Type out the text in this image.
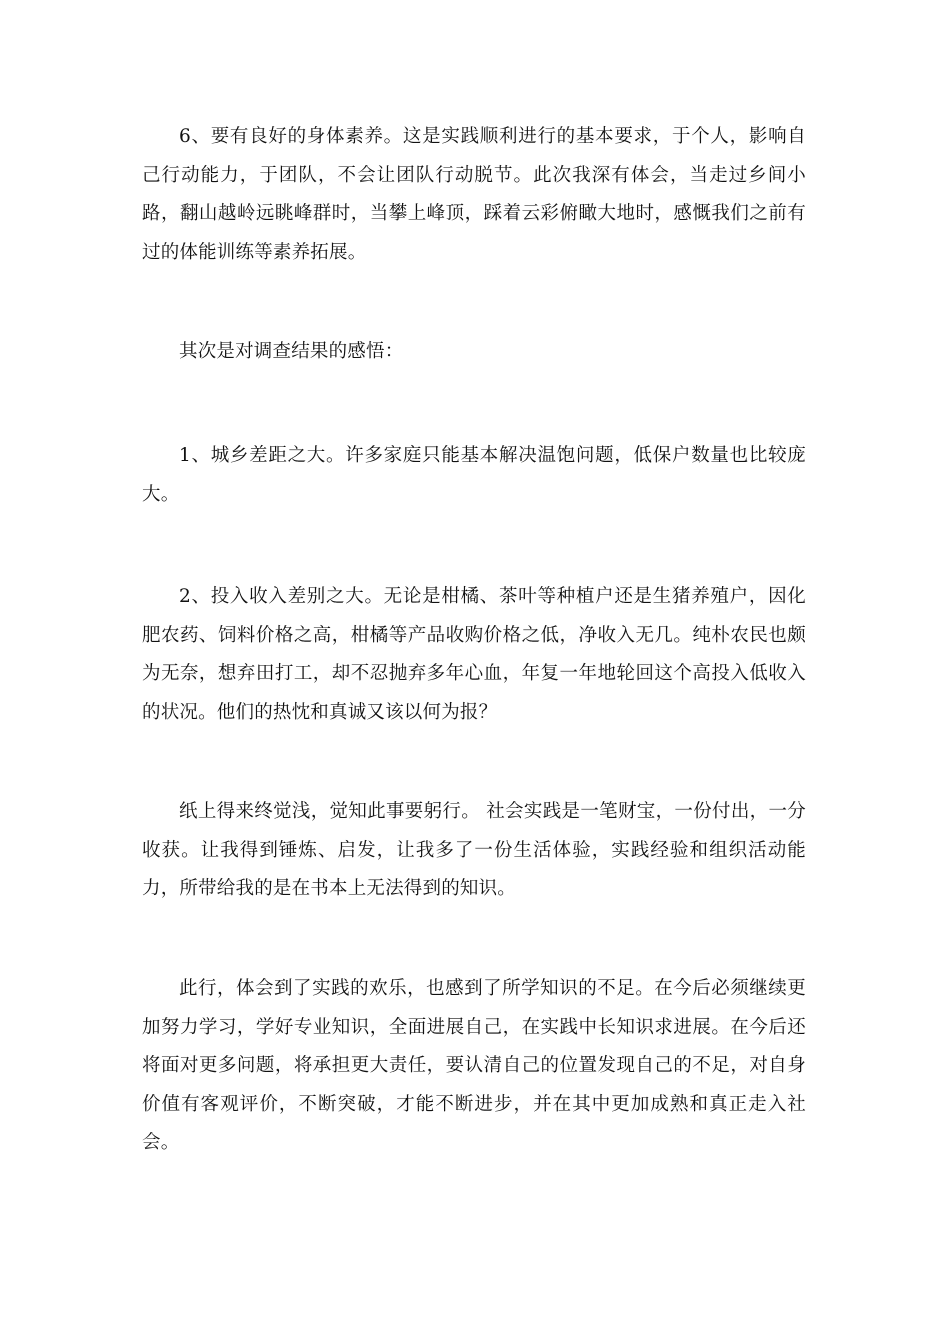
6、要有良好的身体素养。这是实践顺利进行的基本要求，于个人，影响自己行动能力，于团队，不会让团队行动脱节。此次我深有体会，当走过乡间小路，翻山越岭远眺峰群时，当攀上峰顶，踩着云彩俯瞰大地时，感慨我们之前有过的体能训练等素养拓展。

其次是对调查结果的感悟：

1、城乡差距之大。许多家庭只能基本解决温饱问题，低保户数量也比较庞大。

2、投入收入差别之大。无论是柑橘、茶叶等种植户还是生猪养殖户，因化肥农药、饲料价格之高，柑橘等产品收购价格之低，净收入无几。纯朴农民也颇为无奈，想弃田打工，却不忍抛弃多年心血，年复一年地轮回这个高投入低收入的状况。他们的热忱和真诚又该以何为报？

纸上得来终觉浅，觉知此事要躬行。 社会实践是一笔财宝，一份付出，一分收获。让我得到锤炼、启发，让我多了一份生活体验，实践经验和组织活动能力，所带给我的是在书本上无法得到的知识。

此行，体会到了实践的欢乐，也感到了所学知识的不足。在今后必须继续更加努力学习，学好专业知识，全面进展自己，在实践中长知识求进展。在今后还将面对更多问题，将承担更大责任，要认清自己的位置发现自己的不足，对自身价值有客观评价，不断突破，才能不断进步，并在其中更加成熟和真正走入社会。
